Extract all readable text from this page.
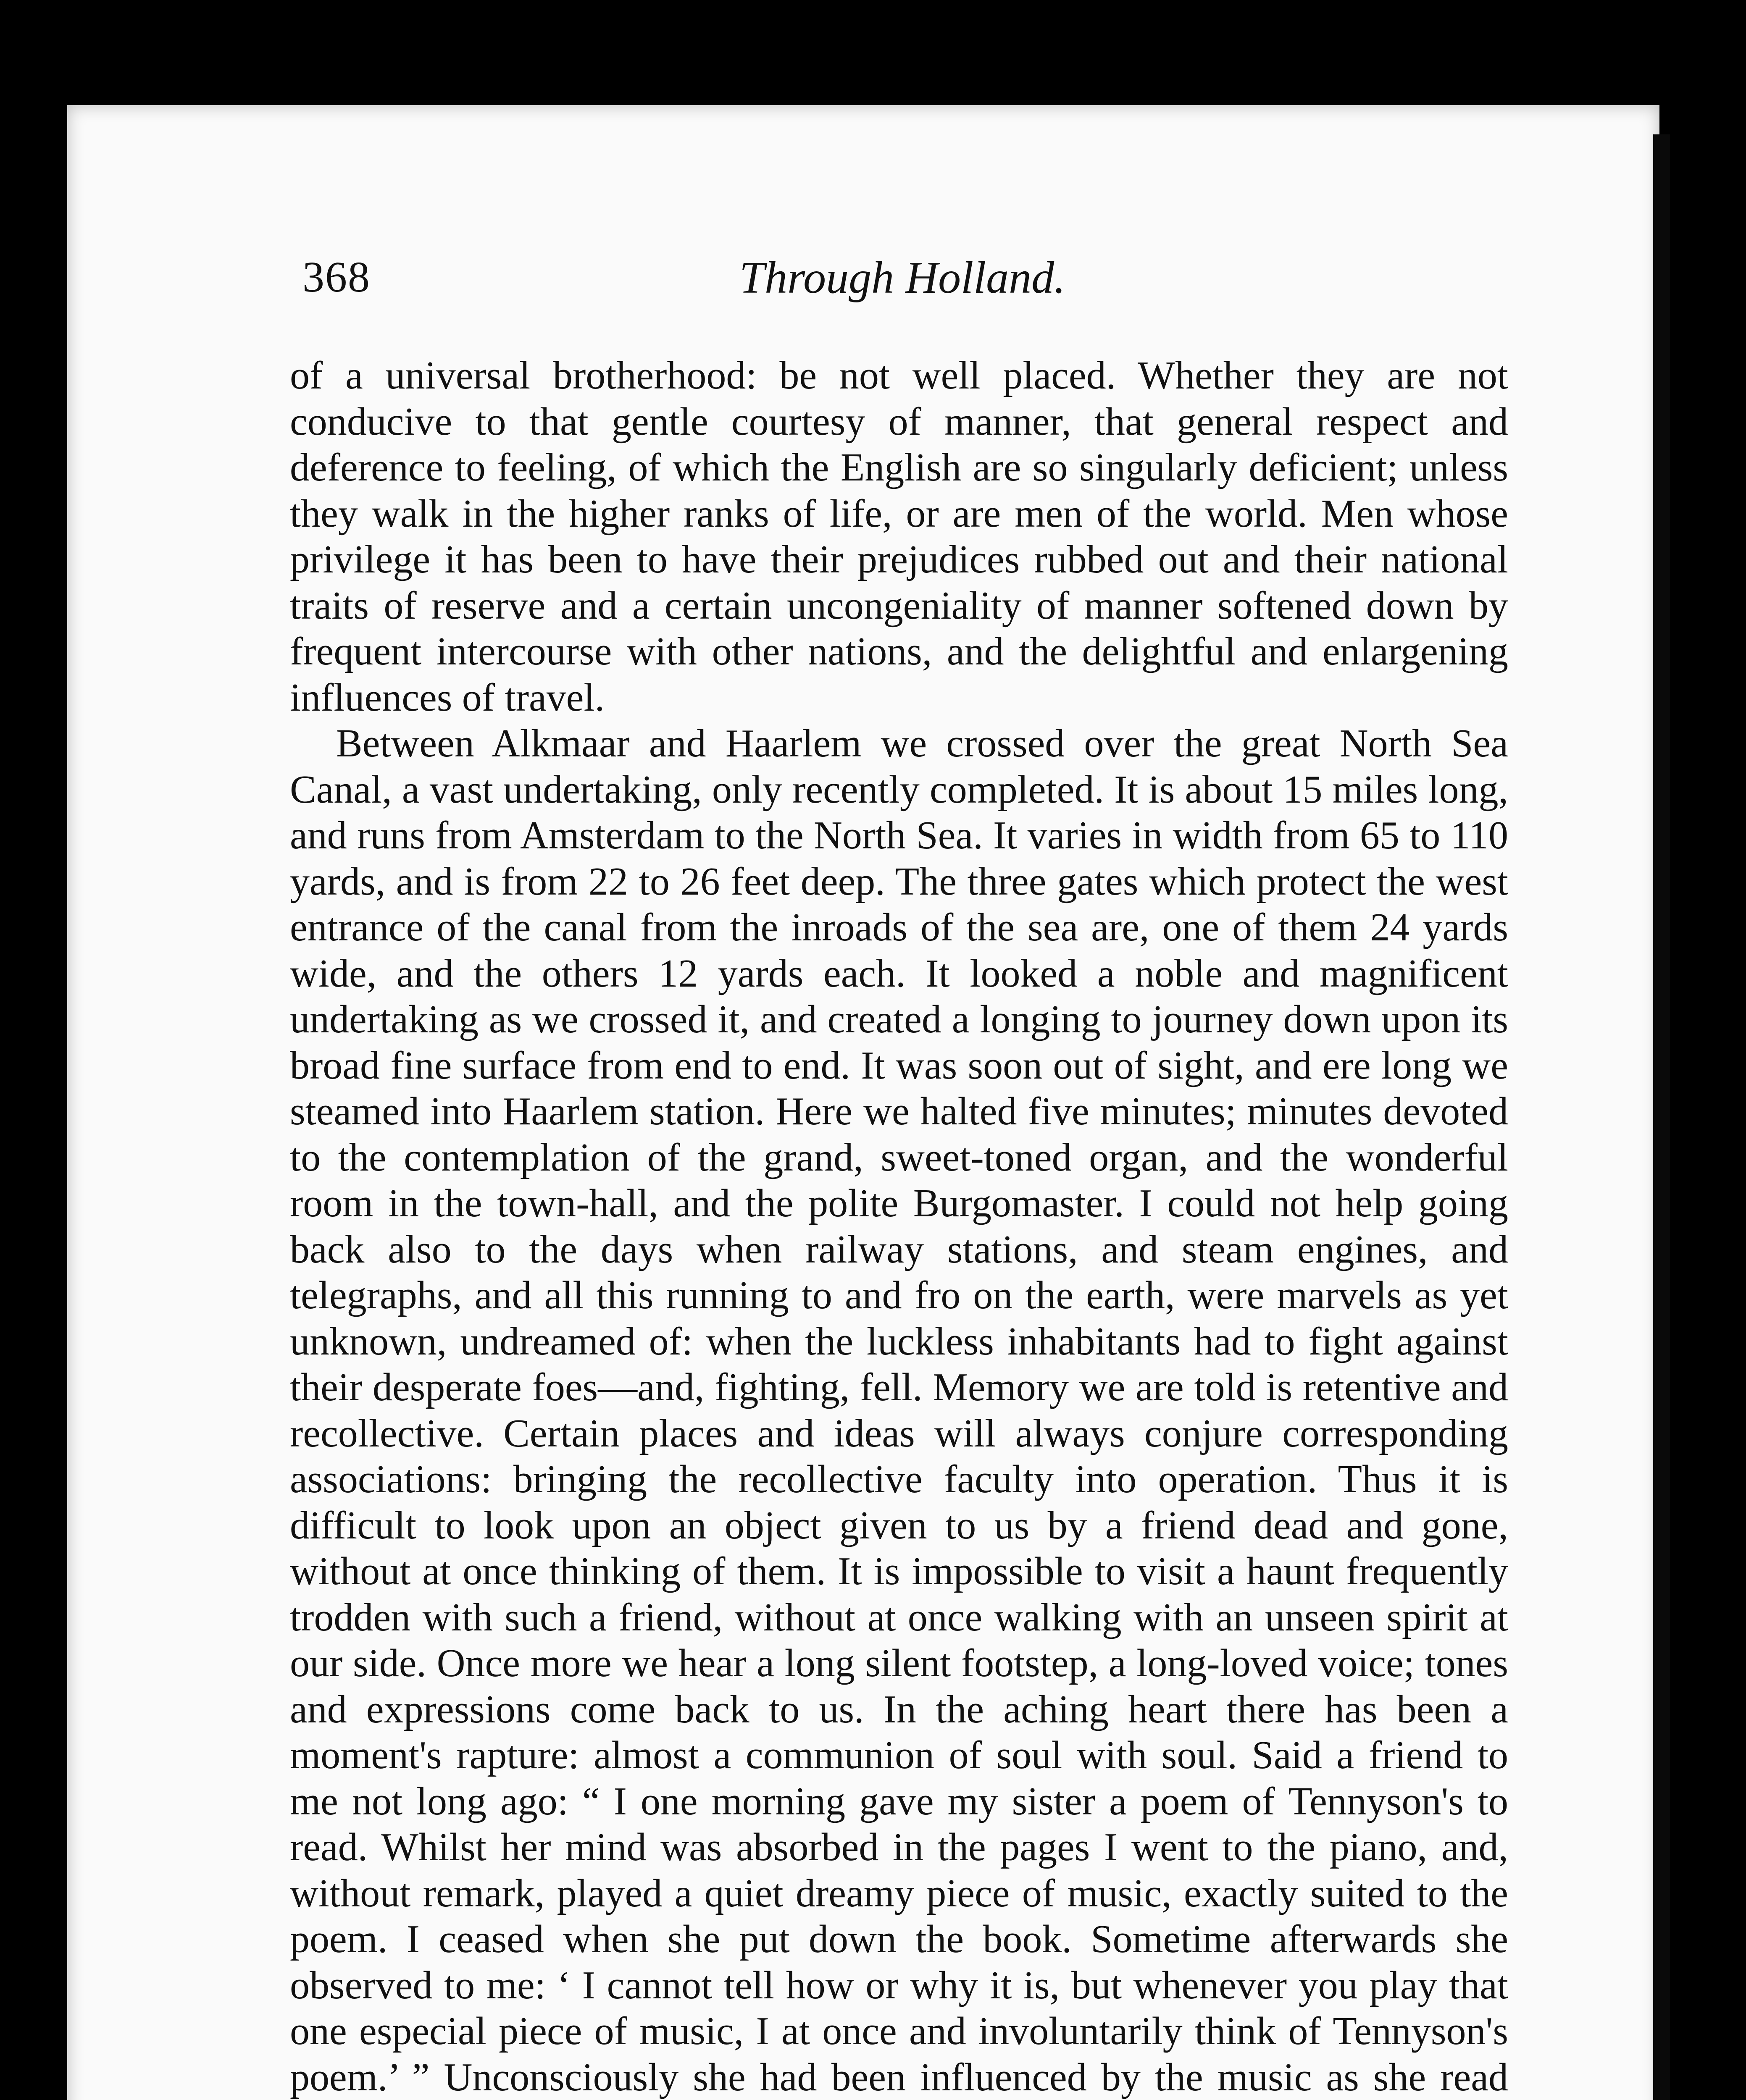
368	Through Holland.

of a universal brotherhood: be not well placed. Whether they are not conducive to that gentle courtesy of manner, that general respect and deference to feeling, of which the English are so singularly deficient; unless they walk in the higher ranks of life, or are men of the world. Men whose privilege it has been to have their prejudices rubbed out and their national traits of reserve and a certain uncongeniality of manner softened down by frequent intercourse with other nations, and the delightful and enlargening influences of travel.

Between Alkmaar and Haarlem we crossed over the great North Sea Canal, a vast undertaking, only recently completed. It is about 15 miles long, and runs from Amsterdam to the North Sea. It varies in width from 65 to 110 yards, and is from 22 to 26 feet deep. The three gates which protect the west entrance of the canal from the inroads of the sea are, one of them 24 yards wide, and the others 12 yards each. It looked a noble and magnificent undertaking as we crossed it, and created a longing to journey down upon its broad fine surface from end to end. It was soon out of sight, and ere long we steamed into Haarlem station. Here we halted five minutes; minutes devoted to the contemplation of the grand, sweet-toned organ, and the wonderful room in the town-hall, and the polite Burgomaster. I could not help going back also to the days when railway stations, and steam engines, and telegraphs, and all this running to and fro on the earth, were marvels as yet unknown, undreamed of: when the luckless inhabitants had to fight against their desperate foes—and, fighting, fell. Memory we are told is retentive and recollective. Certain places and ideas will always conjure corresponding associations: bringing the recollective faculty into operation. Thus it is difficult to look upon an object given to us by a friend dead and gone, without at once thinking of them. It is impossible to visit a haunt frequently trodden with such a friend, without at once walking with an unseen spirit at our side. Once more we hear a long silent footstep, a long-loved voice; tones and expressions come back to us. In the aching heart there has been a moment's rapture: almost a communion of soul with soul. Said a friend to me not long ago: “ I one morning gave my sister a poem of Tennyson's to read. Whilst her mind was absorbed in the pages I went to the piano, and, without remark, played a quiet dreamy piece of music, exactly suited to the poem. I ceased when she put down the book. Sometime afterwards she observed to me: ‘ I cannot tell how or why it is, but whenever you play that one especial piece of music, I at once and involuntarily think of Tennyson's poem.’ ” Unconsciously she had been influenced by the music as she read
